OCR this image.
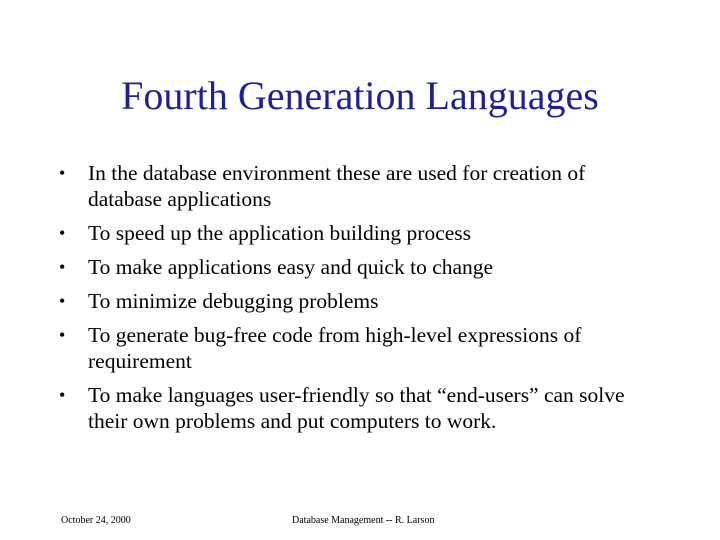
Fourth Generation Languages
•	In the database environment these are used for creation of database applications
•	To speed up the application building process
•	To make applications easy and quick to change
•	To minimize debugging problems
•	To generate bug-free code from high-level expressions of requirement
•	To make languages user-friendly so that “end-users” can solve their own problems and put computers to work.
October 24, 2000	Database Management -- R. Larson
